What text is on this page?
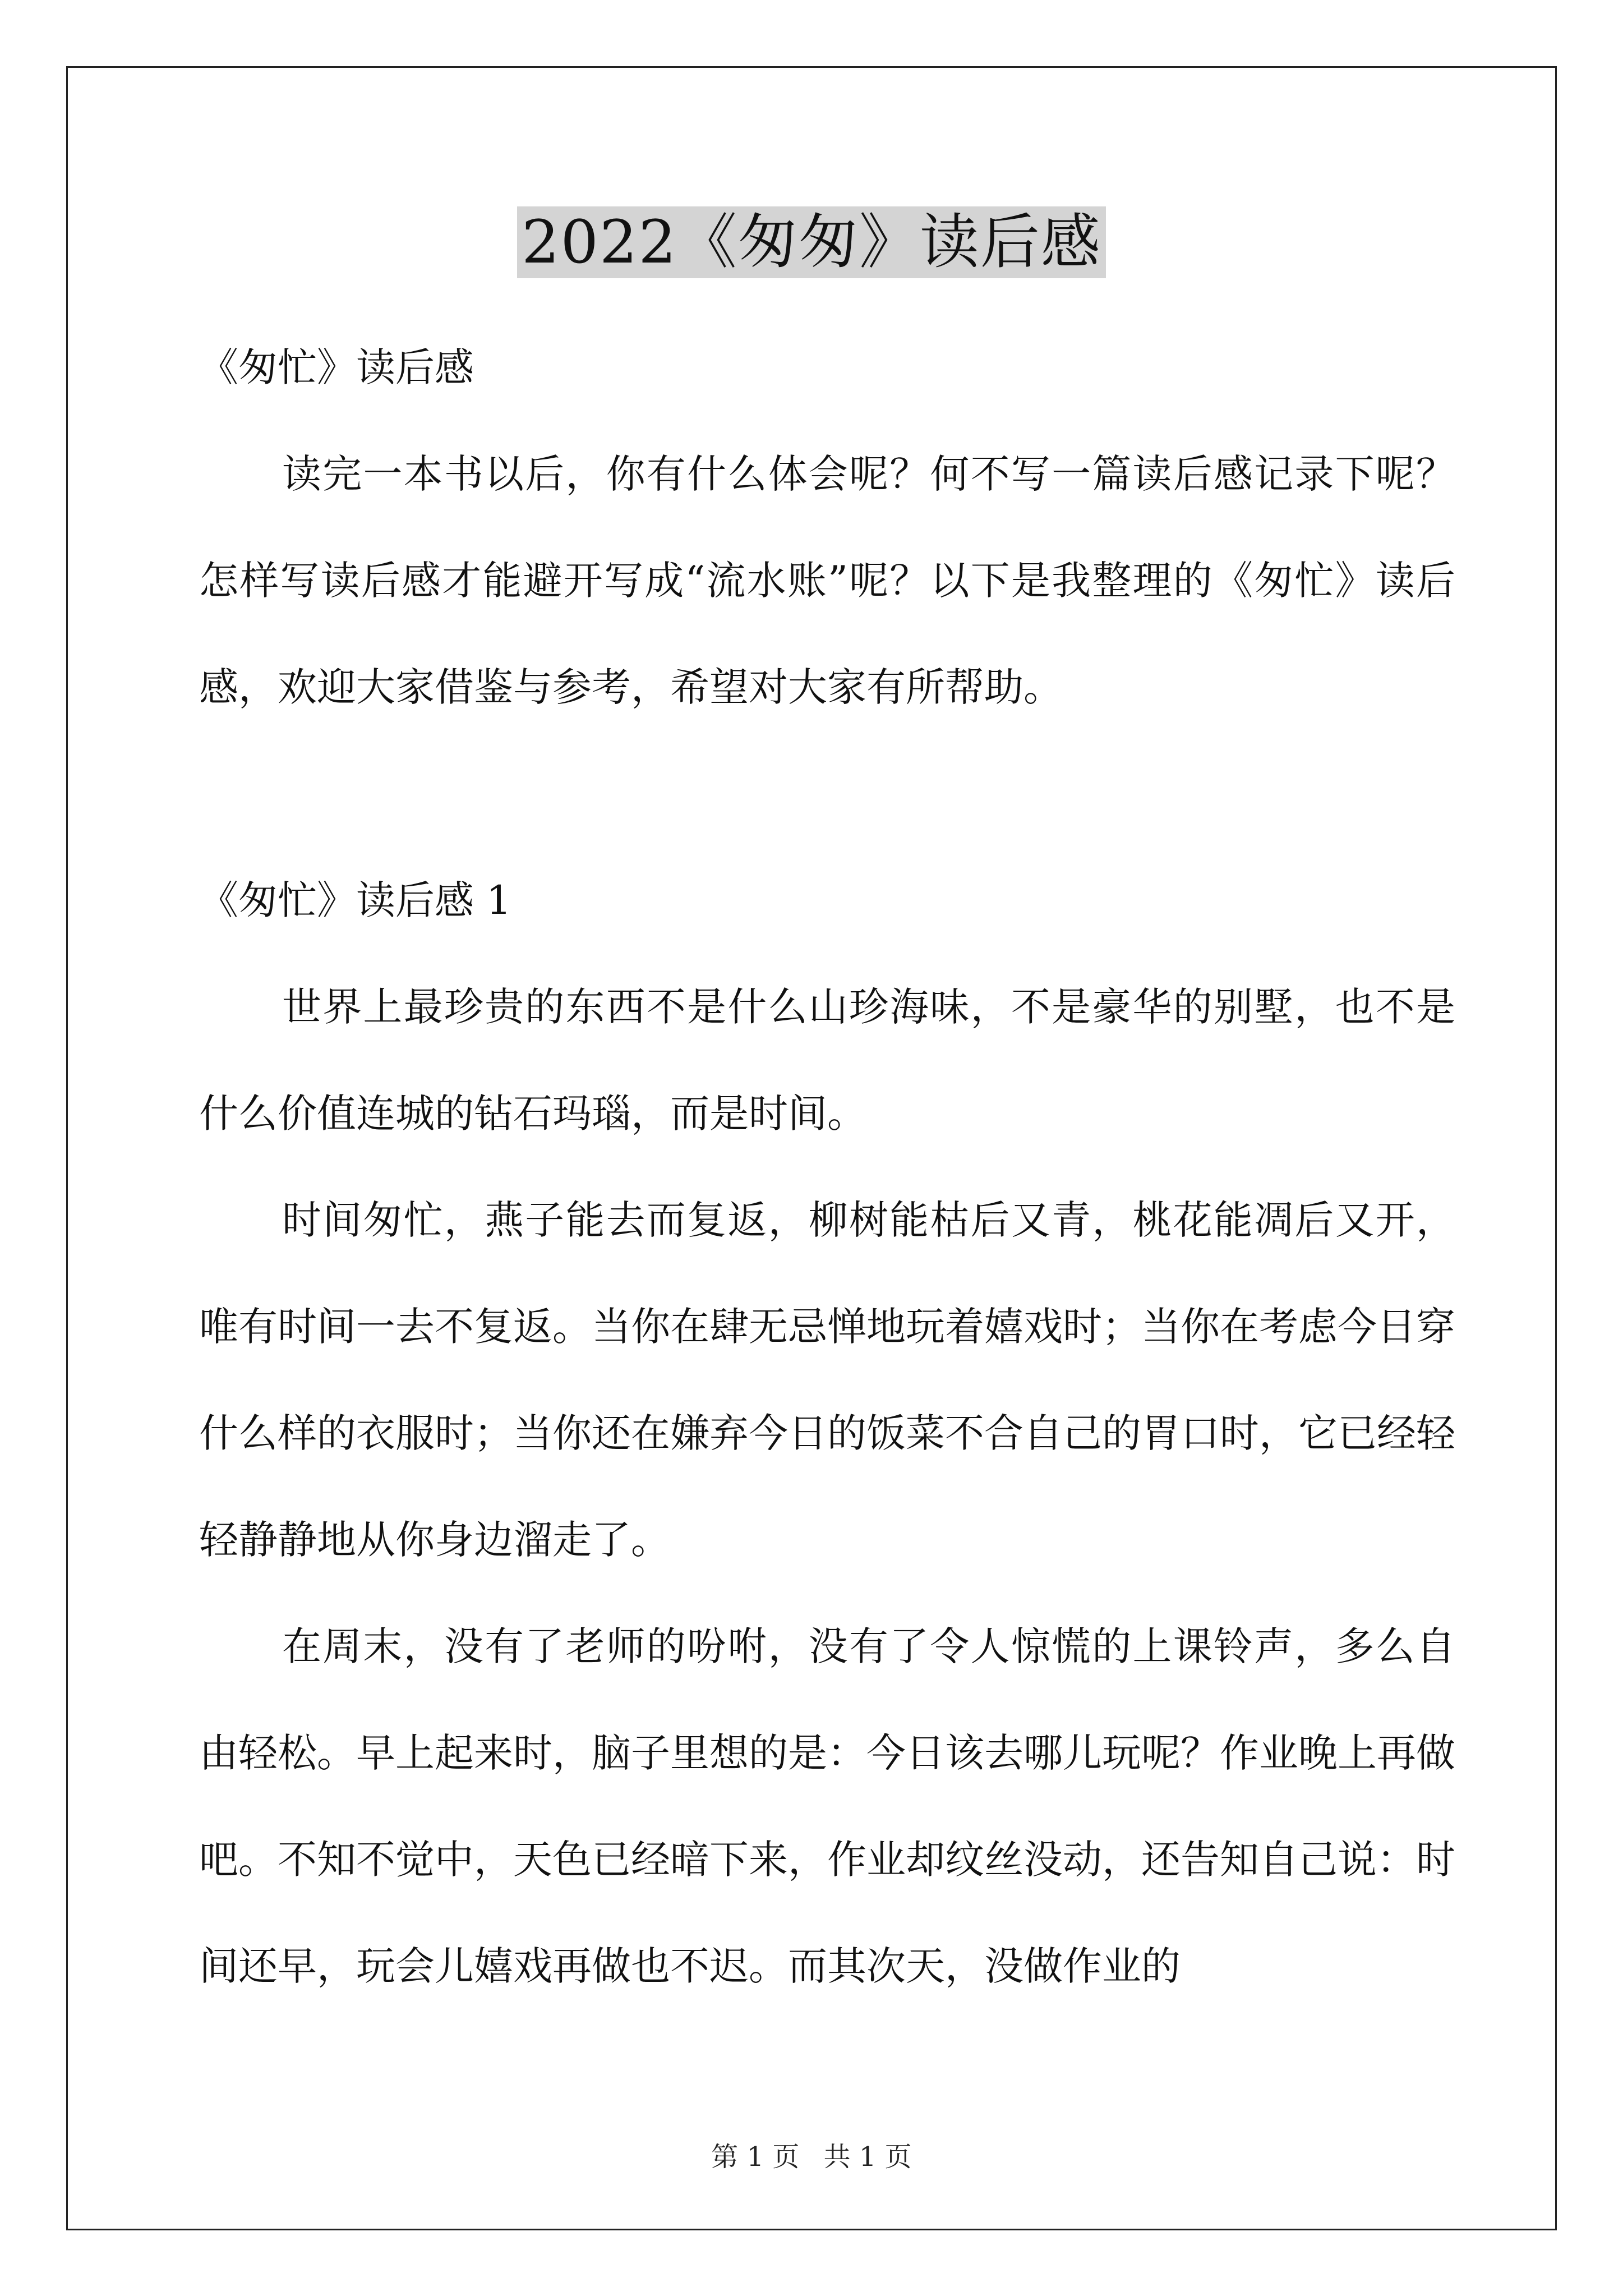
2022《匆匆》读后感

《匆忙》读后感

读完一本书以后，你有什么体会呢？何不写一篇读后感记录下呢？怎样写读后感才能避开写成“流水账”呢？以下是我整理的《匆忙》读后感，欢迎大家借鉴与参考，希望对大家有所帮助。

《匆忙》读后感 1

世界上最珍贵的东西不是什么山珍海味，不是豪华的别墅，也不是什么价值连城的钻石玛瑙，而是时间。

时间匆忙，燕子能去而复返，柳树能枯后又青，桃花能凋后又开，唯有时间一去不复返。当你在肆无忌惮地玩着嬉戏时；当你在考虑今日穿什么样的衣服时；当你还在嫌弃今日的饭菜不合自己的胃口时，它已经轻轻静静地从你身边溜走了。

在周末，没有了老师的吩咐，没有了令人惊慌的上课铃声，多么自由轻松。早上起来时，脑子里想的是：今日该去哪儿玩呢？作业晚上再做吧。不知不觉中，天色已经暗下来，作业却纹丝没动，还告知自己说：时间还早，玩会儿嬉戏再做也不迟。而其次天，没做作业的

第 1 页 共 1 页
